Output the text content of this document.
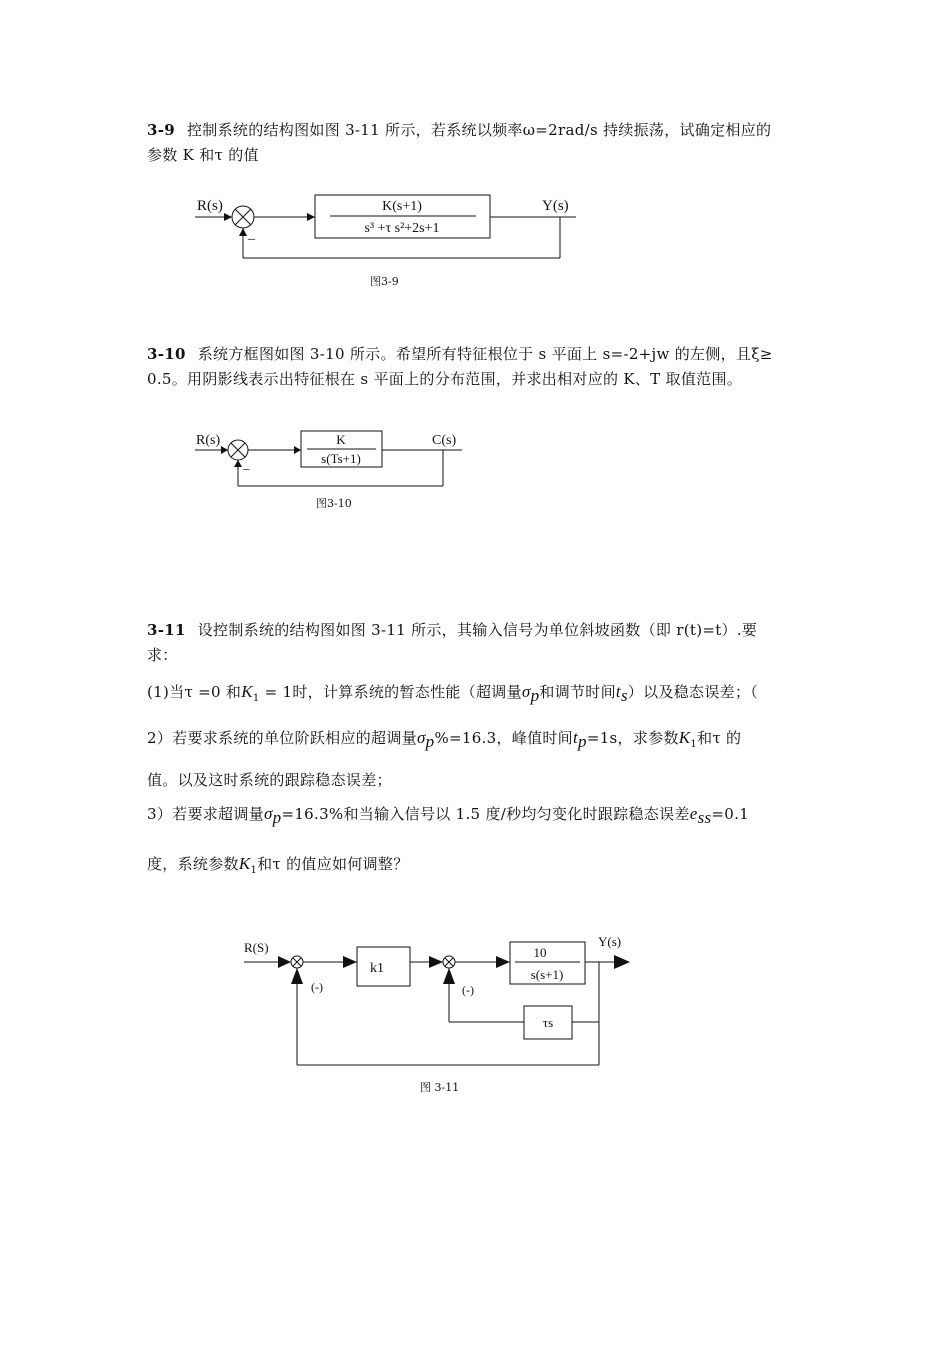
3-9 控制系统的结构图如图 3-11 所示，若系统以频率ω=2rad/s 持续振荡，试确定相应的
参数 K 和τ 的值
R(s)	Y(s)
K(s+1)
s³ +τ s²+2s+1
_
图3-9
3-10 系统方框图如图 3-10 所示。希望所有特征根位于 s 平面上 s=-2+jw 的左侧，且ξ≥
0.5。用阴影线表示出特征根在 s 平面上的分布范围，并求出相对应的 K、T 取值范围。
R(s)	C(s)
K
s(Ts+1)
_
图3-10
3-11 设控制系统的结构图如图 3-11 所示，其输入信号为单位斜坡函数（即 r(t)=t）.要
求：
(1)当τ =0 和$K_1 = 1$时，计算系统的暂态性能（超调量$\sigma_p$和调节时间$t_s$）以及稳态误差；（
2）若要求系统的单位阶跃相应的超调量$\sigma_p\%=16.3$，峰值时间$t_p=1s$，求参数$K_1$和τ 的
值。以及这时系统的跟踪稳态误差；
3）若要求超调量$\sigma_p=16.3\%$和当输入信号以 1.5 度/秒均匀变化时跟踪稳态误差$e_{ss}=0.1$
度，系统参数$K_1$和τ 的值应如何调整？
R(S)	Y(s)
k1
10
s(s+1)
τs
(-)	(-)
图 3-11
